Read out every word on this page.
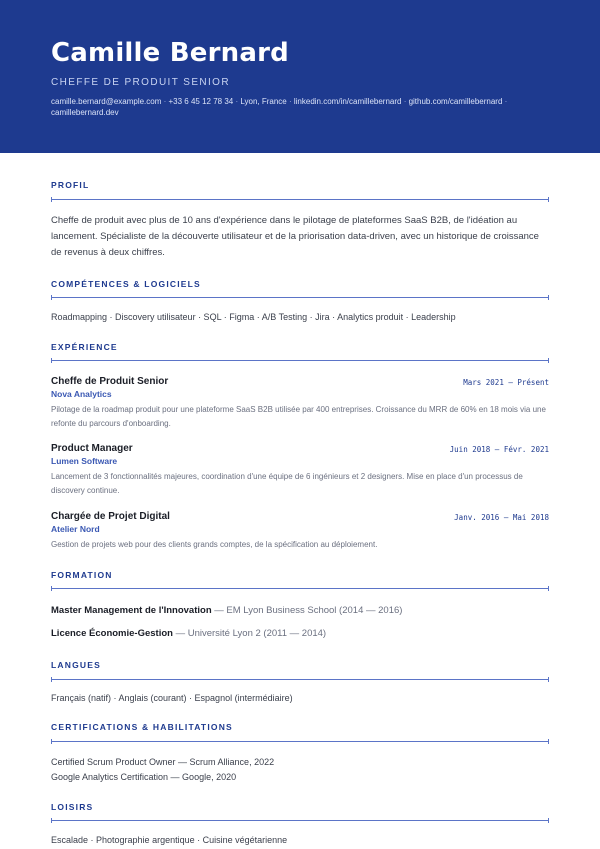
Camille Bernard
CHEFFE DE PRODUIT SENIOR
camille.bernard@example.com · +33 6 45 12 78 34 · Lyon, France · linkedin.com/in/camillebernard · github.com/camillebernard ·
camillebernard.dev
PROFIL
Cheffe de produit avec plus de 10 ans d'expérience dans le pilotage de plateformes SaaS B2B, de l'idéation au lancement. Spécialiste de la découverte utilisateur et de la priorisation data-driven, avec un historique de croissance de revenus à deux chiffres.
COMPÉTENCES & LOGICIELS
Roadmapping · Discovery utilisateur · SQL · Figma · A/B Testing · Jira · Analytics produit · Leadership
EXPÉRIENCE
Cheffe de Produit Senior	Mars 2021 — Présent
Nova Analytics
Pilotage de la roadmap produit pour une plateforme SaaS B2B utilisée par 400 entreprises. Croissance du MRR de 60% en 18 mois via une refonte du parcours d'onboarding.
Product Manager	Juin 2018 — Févr. 2021
Lumen Software
Lancement de 3 fonctionnalités majeures, coordination d'une équipe de 6 ingénieurs et 2 designers. Mise en place d'un processus de discovery continue.
Chargée de Projet Digital	Janv. 2016 — Mai 2018
Atelier Nord
Gestion de projets web pour des clients grands comptes, de la spécification au déploiement.
FORMATION
Master Management de l'Innovation — EM Lyon Business School (2014 — 2016)
Licence Économie-Gestion — Université Lyon 2 (2011 — 2014)
LANGUES
Français (natif) · Anglais (courant) · Espagnol (intermédiaire)
CERTIFICATIONS & HABILITATIONS
Certified Scrum Product Owner — Scrum Alliance, 2022
Google Analytics Certification — Google, 2020
LOISIRS
Escalade · Photographie argentique · Cuisine végétarienne
